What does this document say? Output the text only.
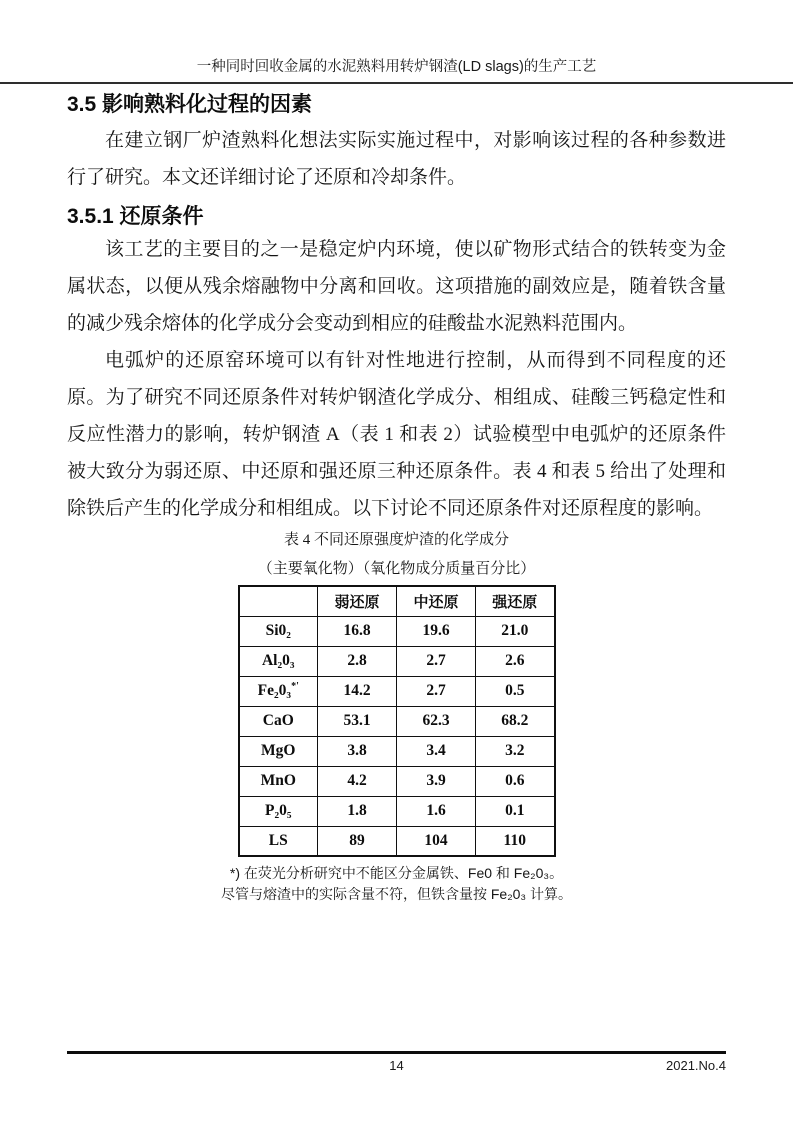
一种同时回收金属的水泥熟料用转炉钢渣(LD slags)的生产工艺
3.5 影响熟料化过程的因素

在建立钢厂炉渣熟料化想法实际实施过程中，对影响该过程的各种参数进行了研究。本文还详细讨论了还原和冷却条件。

3.5.1 还原条件

该工艺的主要目的之一是稳定炉内环境，使以矿物形式结合的铁转变为金属状态，以便从残余熔融物中分离和回收。这项措施的副效应是，随着铁含量的减少残余熔体的化学成分会变动到相应的硅酸盐水泥熟料范围内。

电弧炉的还原窑环境可以有针对性地进行控制，从而得到不同程度的还原。为了研究不同还原条件对转炉钢渣化学成分、相组成、硅酸三钙稳定性和反应性潜力的影响，转炉钢渣 A（表 1 和表 2）试验模型中电弧炉的还原条件被大致分为弱还原、中还原和强还原三种还原条件。表 4 和表 5 给出了处理和除铁后产生的化学成分和相组成。以下讨论不同还原条件对还原程度的影响。

表 4 不同还原强度炉渣的化学成分
（主要氧化物）（氧化物成分质量百分比）
	弱还原	中还原	强还原
Si0₂	16.8	19.6	21.0
Al₂0₃	2.8	2.7	2.6
Fe₂0₃*'	14.2	2.7	0.5
CaO	53.1	62.3	68.2
MgO	3.8	3.4	3.2
MnO	4.2	3.9	0.6
P₂0₅	1.8	1.6	0.1
LS	89	104	110
*) 在荧光分析研究中不能区分金属铁、Fe0 和 Fe₂0₃。
尽管与熔渣中的实际含量不符，但铁含量按 Fe₂0₃ 计算。
14	2021.No.4
